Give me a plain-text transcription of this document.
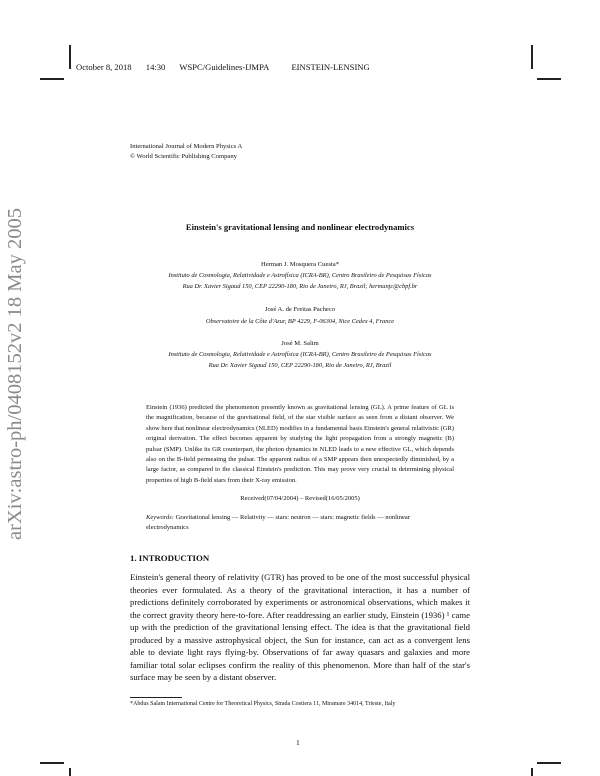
October 8, 2018 14:30 WSPC/Guidelines-IJMPA	EINSTEIN-LENSING
arXiv:astro-ph/0408152v2 18 May 2005
International Journal of Modern Physics A
© World Scientific Publishing Company
Einstein's gravitational lensing and nonlinear electrodynamics
Herman J. Mosquera Cuesta*
Instituto de Cosmologia, Relatividade e Astrofísica (ICRA-BR), Centro Brasileiro de Pesquisas Físicas
Rua Dr. Xavier Sigaud 150, CEP 22290-180, Rio de Janeiro, RJ, Brazil; hermanjc@cbpf.br
José A. de Freitas Pacheco
Observatoire de la Côte d'Azur, BP 4229, F-06304, Nice Cedex 4, France
José M. Salim
Instituto de Cosmologia, Relatividade e Astrofísica (ICRA-BR), Centro Brasileiro de Pesquisas Físicas
Rua Dr. Xavier Sigaud 150, CEP 22290-180, Rio de Janeiro, RJ, Brazil
Einstein (1936) predicted the phenomenon presently known as gravitational lensing (GL). A prime feature of GL is the magnification, because of the gravitational field, of the star visible surface as seen from a distant observer. We show here that nonlinear electrodynamics (NLED) modifies in a fundamental basis Einstein's general relativistic (GR) original derivation. The effect becomes apparent by studying the light propagation from a strongly magnetic (B) pulsar (SMP). Unlike its GR counterpart, the photon dynamics in NLED leads to a new effective GL, which depends also on the B-field permeating the pulsar. The apparent radius of a SMP appears then unexpectedly diminished, by a large factor, as compared to the classical Einstein's prediction. This may prove very crucial in determining physical properties of high B-field stars from their X-ray emission.
Received(07/04/2004) – Revised(16/05/2005)
Keywords: Gravitational lensing — Relativity — stars: neutron — stars: magnetic fields — nonlinear electrodynamics
1. INTRODUCTION
Einstein's general theory of relativity (GTR) has proved to be one of the most successful physical theories ever formulated. As a theory of the gravitational interaction, it has a number of predictions definitely corroborated by experiments or astronomical observations, which makes it the correct gravity theory here-to-fore. After readdressing an earlier study, Einstein (1936) ¹ came up with the prediction of the gravitational lensing effect. The idea is that the gravitational field produced by a massive astrophysical object, the Sun for instance, can act as a convergent lens able to deviate light rays flying-by. Observations of far away quasars and galaxies and more familiar total solar eclipses confirm the reality of this phenomenon. More than half of the star's surface may be seen by a distant observer.
*Abdus Salam International Centre for Theoretical Physics, Strada Costiera 11, Miramare 34014, Trieste, Italy
1
